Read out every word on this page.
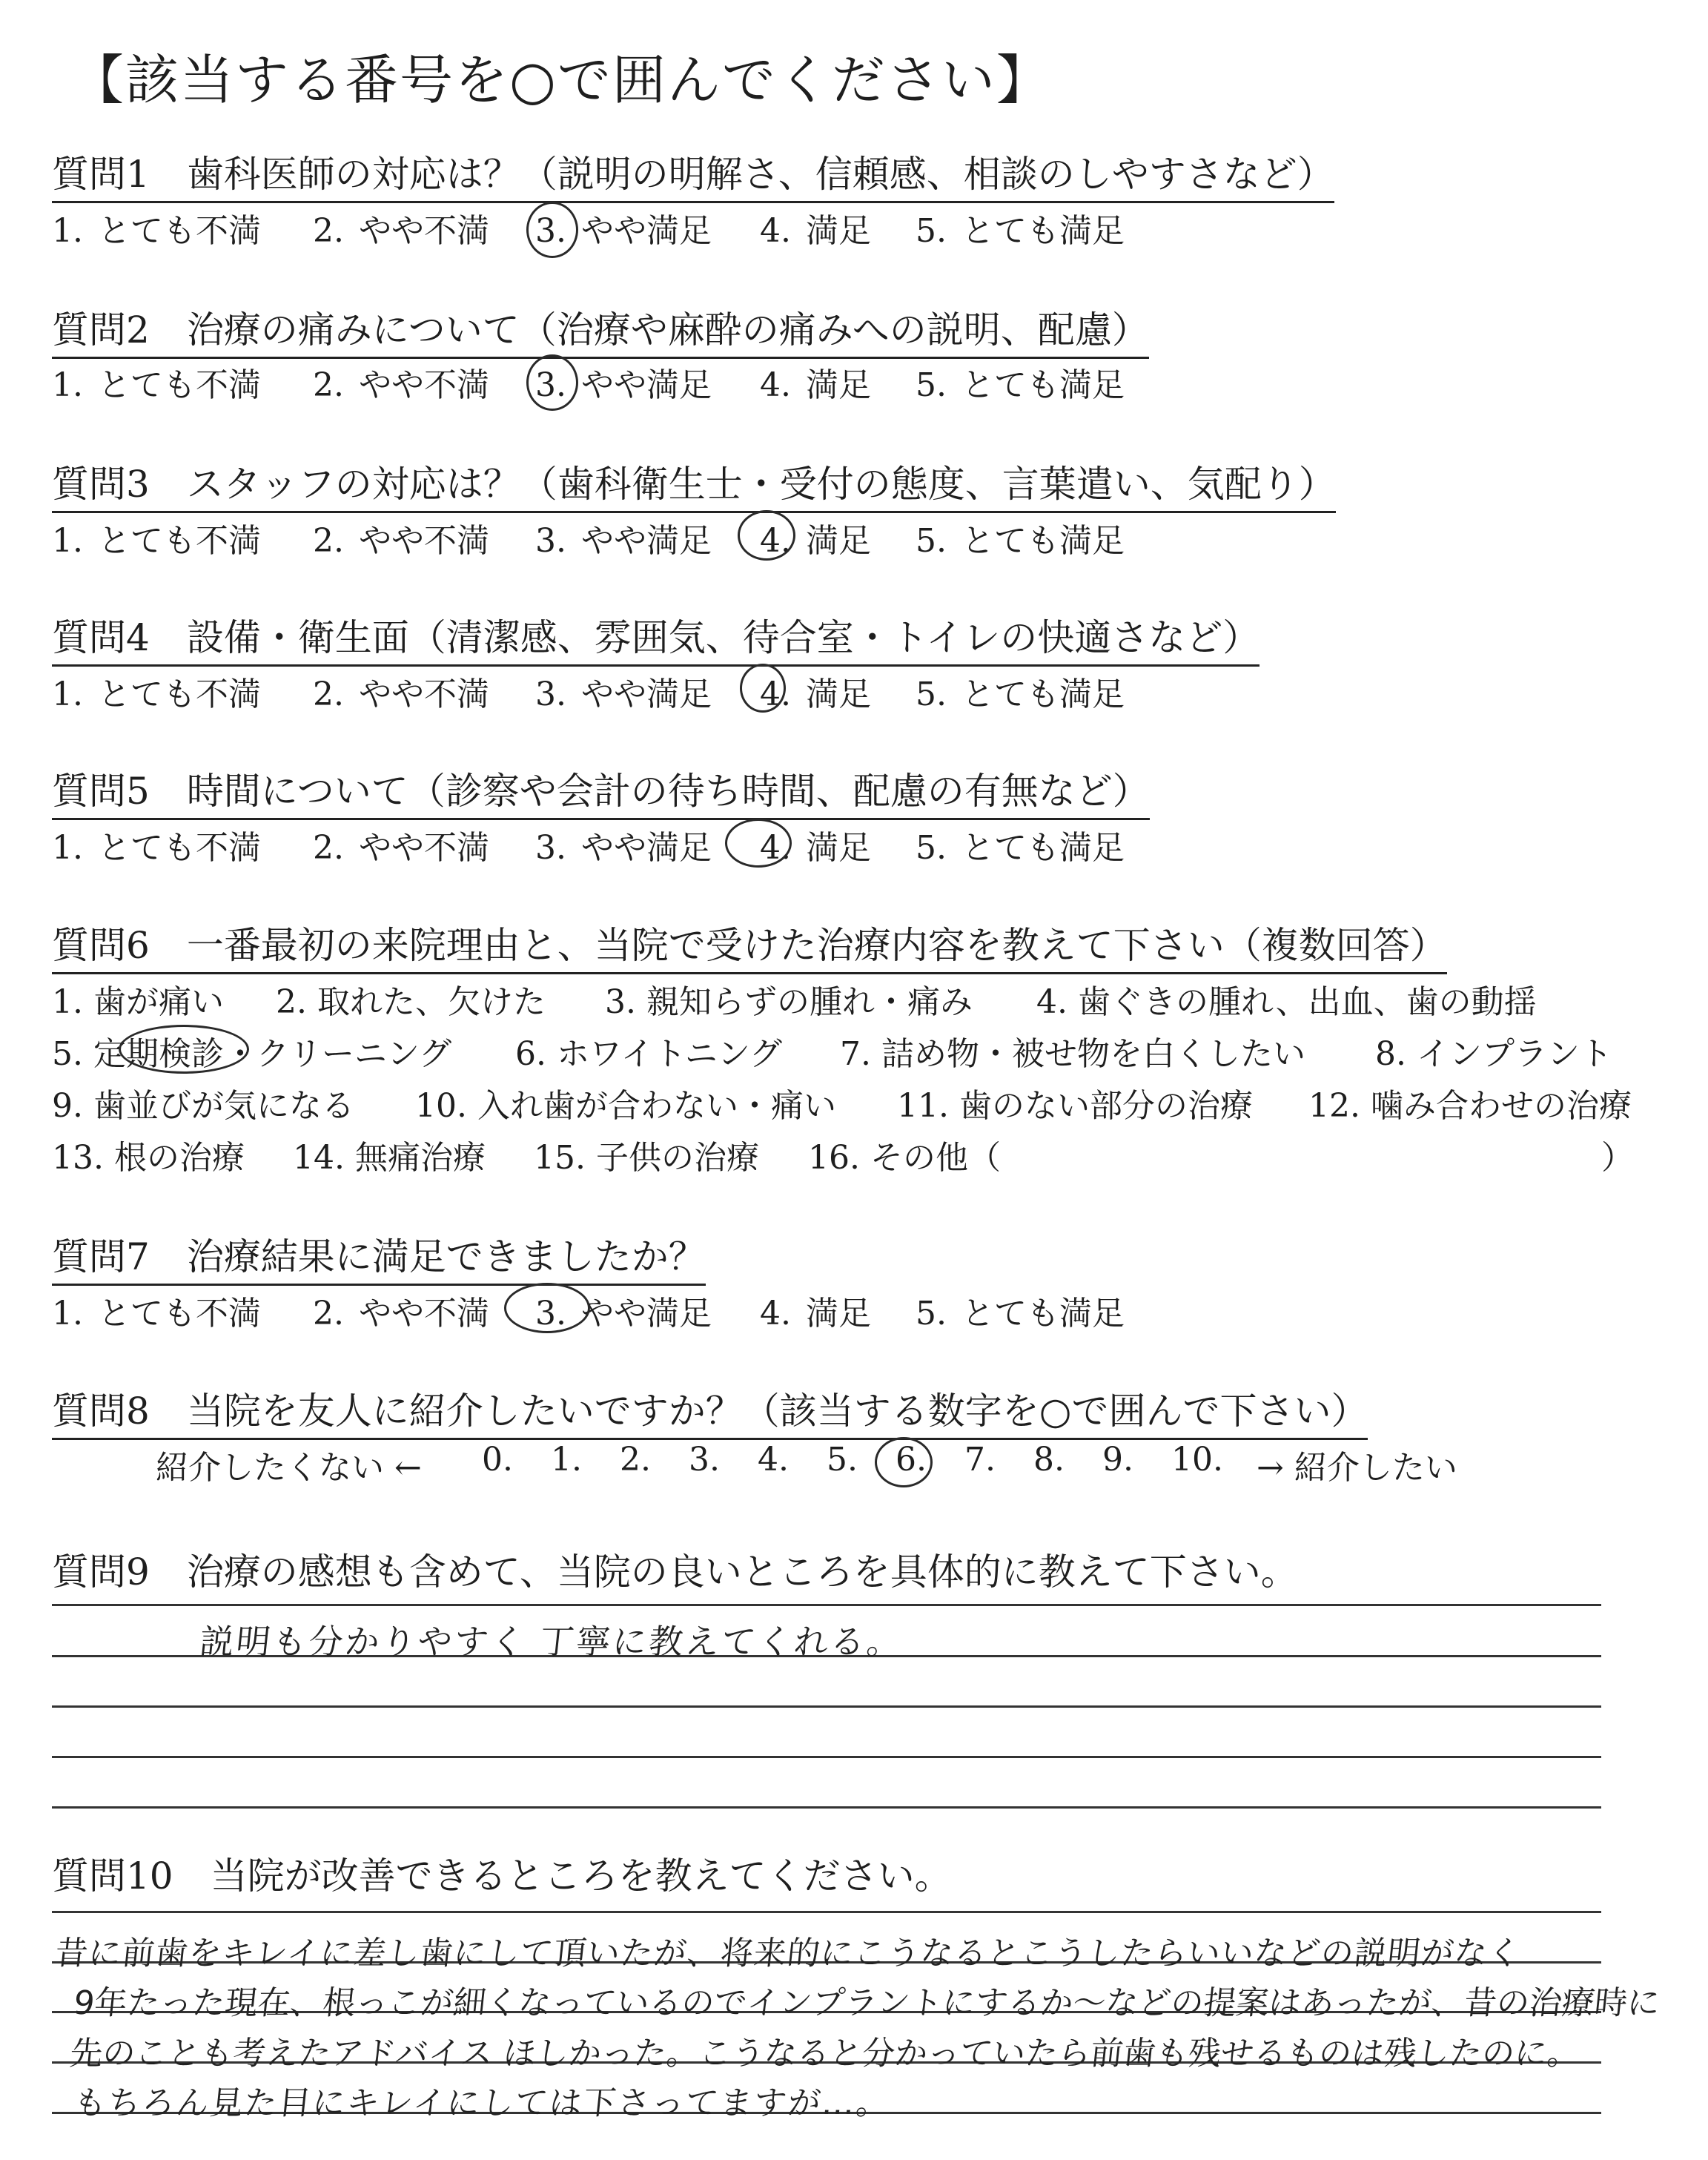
【該当する番号を○で囲んでください】
質問1 歯科医師の対応は？（説明の明解さ、信頼感、相談のしやすさなど）
1. とても不満 2. やや不満 3. やや満足 4. 満足 5. とても満足
質問2 治療の痛みについて（治療や麻酔の痛みへの説明、配慮）
1. とても不満 2. やや不満 3. やや満足 4. 満足 5. とても満足
質問3 スタッフの対応は？（歯科衛生士・受付の態度、言葉遣い、気配り）
1. とても不満 2. やや不満 3. やや満足 4. 満足 5. とても満足
質問4 設備・衛生面（清潔感、雰囲気、待合室・トイレの快適さなど）
1. とても不満 2. やや不満 3. やや満足 4. 満足 5. とても満足
質問5 時間について（診察や会計の待ち時間、配慮の有無など）
1. とても不満 2. やや不満 3. やや満足 4. 満足 5. とても満足
質問6 一番最初の来院理由と、当院で受けた治療内容を教えて下さい（複数回答）
1. 歯が痛い 2. 取れた、欠けた 3. 親知らずの腫れ・痛み 4. 歯ぐきの腫れ、出血、歯の動揺
5. 定期検診・クリーニング 6. ホワイトニング 7. 詰め物・被せ物を白くしたい 8. インプラント
9. 歯並びが気になる 10. 入れ歯が合わない・痛い 11. 歯のない部分の治療 12. 噛み合わせの治療
13. 根の治療 14. 無痛治療 15. 子供の治療 16. その他（	）
質問7 治療結果に満足できましたか？
1. とても不満 2. やや不満 3. やや満足 4. 満足 5. とても満足
質問8 当院を友人に紹介したいですか？（該当する数字を○で囲んで下さい）
紹介したくない ← 0. 1. 2. 3. 4. 5. 6. 7. 8. 9. 10. → 紹介したい
質問9 治療の感想も含めて、当院の良いところを具体的に教えて下さい。
説明も分かりやすく 丁寧に教えてくれる。
質問10 当院が改善できるところを教えてください。
昔に前歯をキレイに差し歯にして頂いたが、将来的にこうなるとこうしたらいいなどの説明がなく
9年たった現在、根っこが細くなっているのでインプラントにするか〜などの提案はあったが、昔の治療時に
先のことも考えたアドバイス ほしかった。こうなると分かっていたら前歯も残せるものは残したのに。
もちろん見た目にキレイにしては下さってますが…。
